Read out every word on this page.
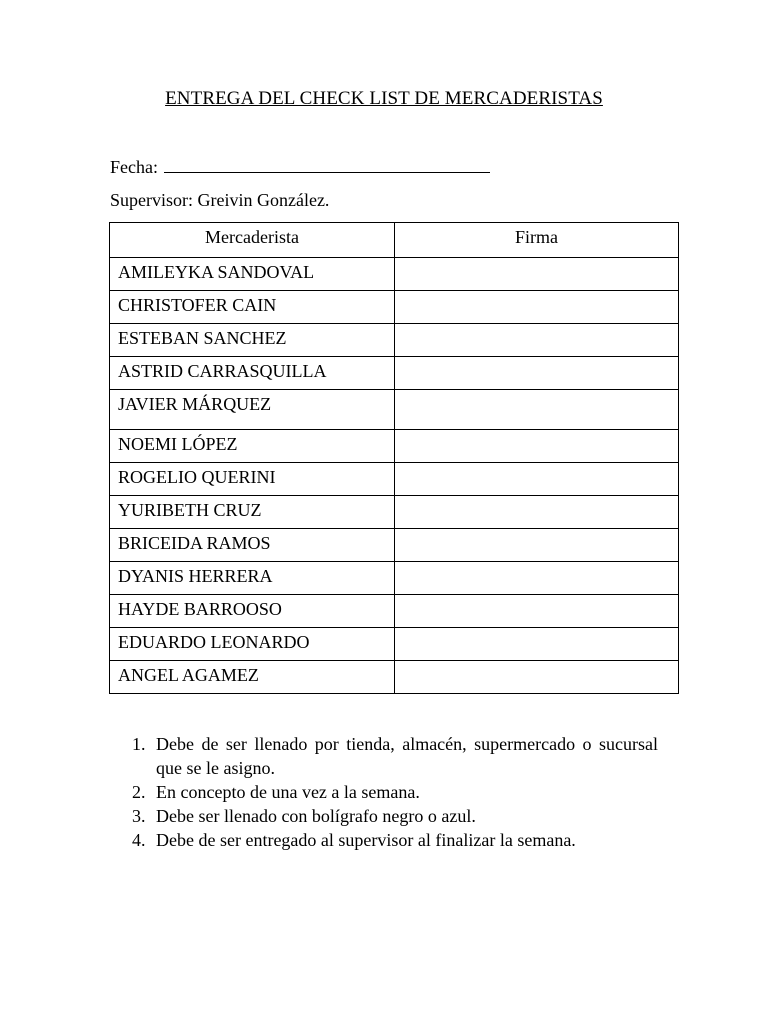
ENTREGA DEL CHECK LIST DE MERCADERISTAS
Fecha:
Supervisor: Greivin González.
Mercaderista	Firma
AMILEYKA SANDOVAL	
CHRISTOFER CAIN	
ESTEBAN SANCHEZ	
ASTRID CARRASQUILLA	
JAVIER MÁRQUEZ	
NOEMI LÓPEZ	
ROGELIO QUERINI	
YURIBETH CRUZ	
BRICEIDA RAMOS	
DYANIS HERRERA	
HAYDE BARROOSO	
EDUARDO LEONARDO	
ANGEL AGAMEZ	
1. Debe de ser llenado por tienda, almacén, supermercado o sucursal que se le asigno.
2. En concepto de una vez a la semana.
3. Debe ser llenado con bolígrafo negro o azul.
4. Debe de ser entregado al supervisor al finalizar la semana.
